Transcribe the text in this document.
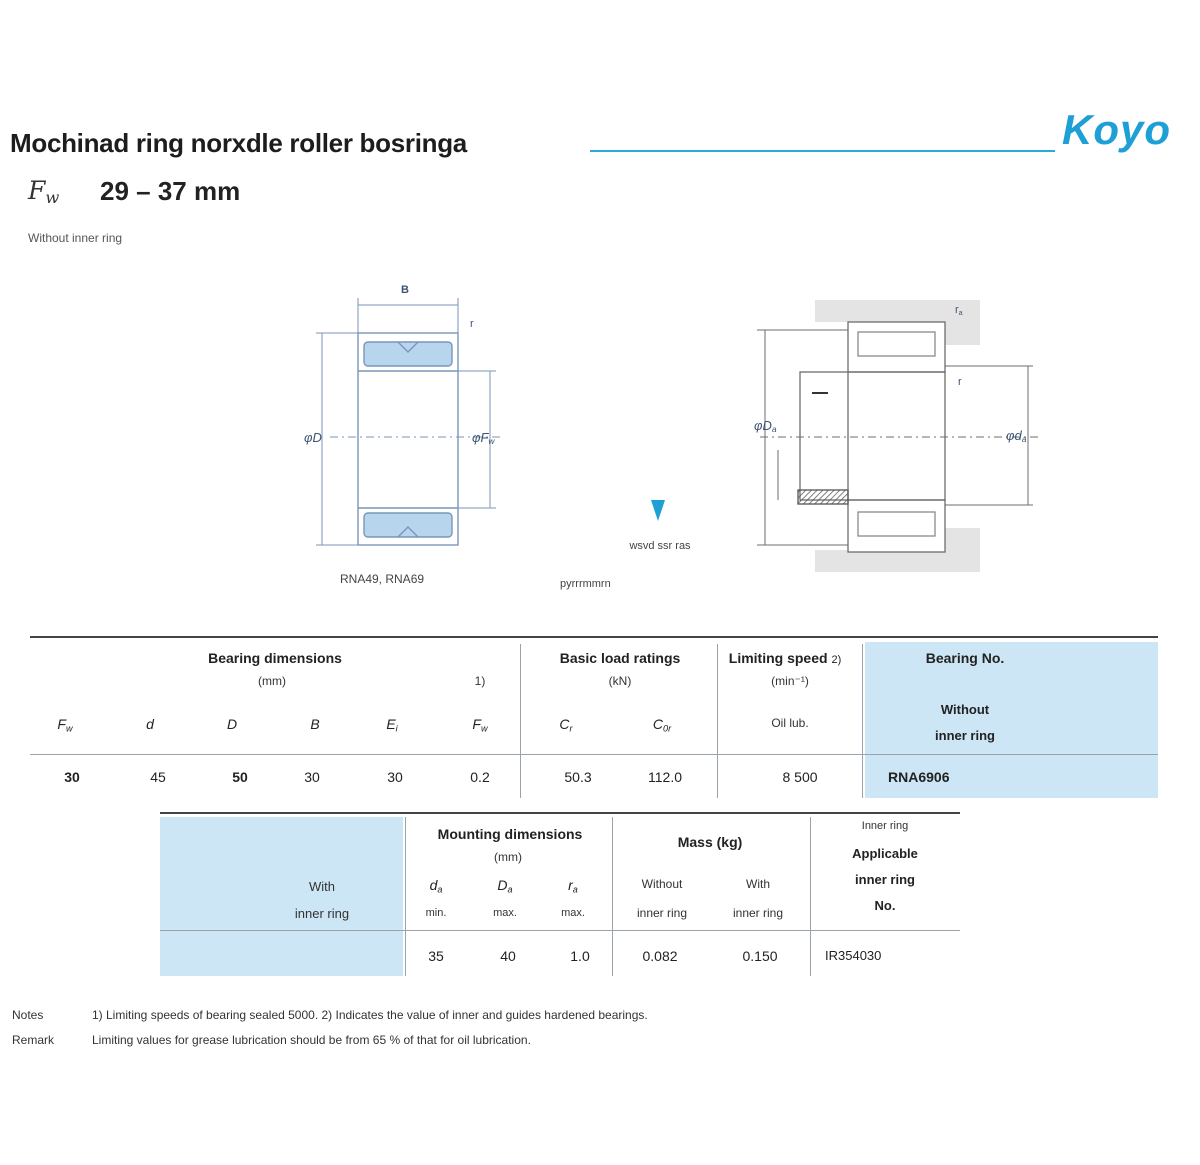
Mochinad ring norxdle roller bosringa	Koyo
$F_w$ 29 – 37 mm
Without inner ring
B
r
φD	$\varphi F_w$
RNA49, RNA69
wsvd ssr ras
pyrrrmmrn
$r_a$
r
$\varphi D_a$	$\varphi d_a$
Bearing dimensions
(mm)	1)
$F_w$	d	D	B	$E_i$	$F_w$
Basic load ratings
(kN)
$C_r$	$C_{0r}$
Limiting speed 2)
(min⁻¹)
Oil lub.
Bearing No.
Without
inner ring
30	45	50	30	30	0.2	50.3	112.0	8 500	RNA6906
With
inner ring
Mounting dimensions
(mm)
$d_a$	$D_a$	$r_a$
min.	max.	max.
Mass (kg)
Without
inner ring
With
inner ring
Inner ring
Applicable
inner ring
No.
35	40	1.0	0.082	0.150	IR354030
Notes	1) Limiting speeds of bearing sealed 5000. 2) Indicates the value of inner and guides hardened bearings.
Remark	Limiting values for grease lubrication should be from 65 % of that for oil lubrication.
